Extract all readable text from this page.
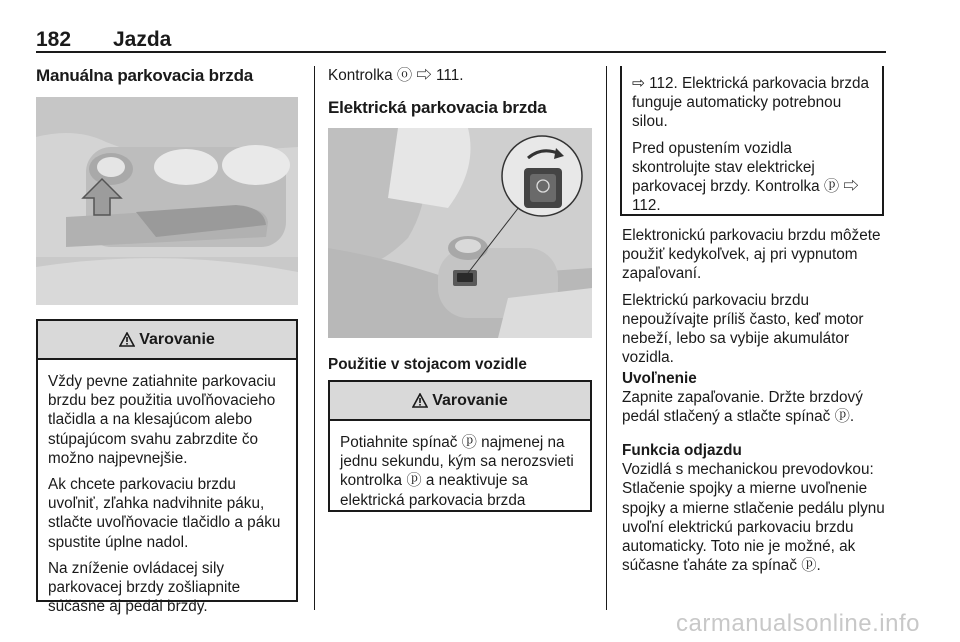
182 Jazda
Manuálna parkovacia brzda
Varovanie

Vždy pevne zatiahnite parkovaciu brzdu bez použitia uvoľňovacieho tlačidla a na klesajúcom alebo stúpajúcom svahu zabrzdite čo možno najpevnejšie.

Ak chcete parkovaciu brzdu uvoľniť, zľahka nadvihnite páku, stlačte uvoľňovacie tlačidlo a páku spustite úplne nadol.

Na zníženie ovládacej sily parkovacej brzdy zošliapnite súčasne aj pedál brzdy.

Kontrolka ⓞ ⇨ 111.
Elektrická parkovacia brzda
Použitie v stojacom vozidle
Varovanie

Potiahnite spínač ⓟ najmenej na jednu sekundu, kým sa nerozsvieti kontrolka ⓟ a neaktivuje sa elektrická parkovacia brzda

⇨ 112. Elektrická parkovacia brzda funguje automaticky potrebnou silou.

Pred opustením vozidla skontrolujte stav elektrickej parkovacej brzdy. Kontrolka ⓟ ⇨ 112.

Elektronickú parkovaciu brzdu môžete použiť kedykoľvek, aj pri vypnutom zapaľovaní.

Elektrickú parkovaciu brzdu nepoužívajte príliš často, keď motor nebeží, lebo sa vybije akumulátor vozidla.

Uvoľnenie
Zapnite zapaľovanie. Držte brzdový pedál stlačený a stlačte spínač ⓟ.
Funkcia odjazdu
Vozidlá s mechanickou prevodovkou: Stlačenie spojky a mierne uvoľnenie spojky a mierne stlačenie pedálu plynu uvoľní elektrickú parkovaciu brzdu automaticky. Toto nie je možné, ak súčasne ťaháte za spínač ⓟ.
carmanualsonline.info
